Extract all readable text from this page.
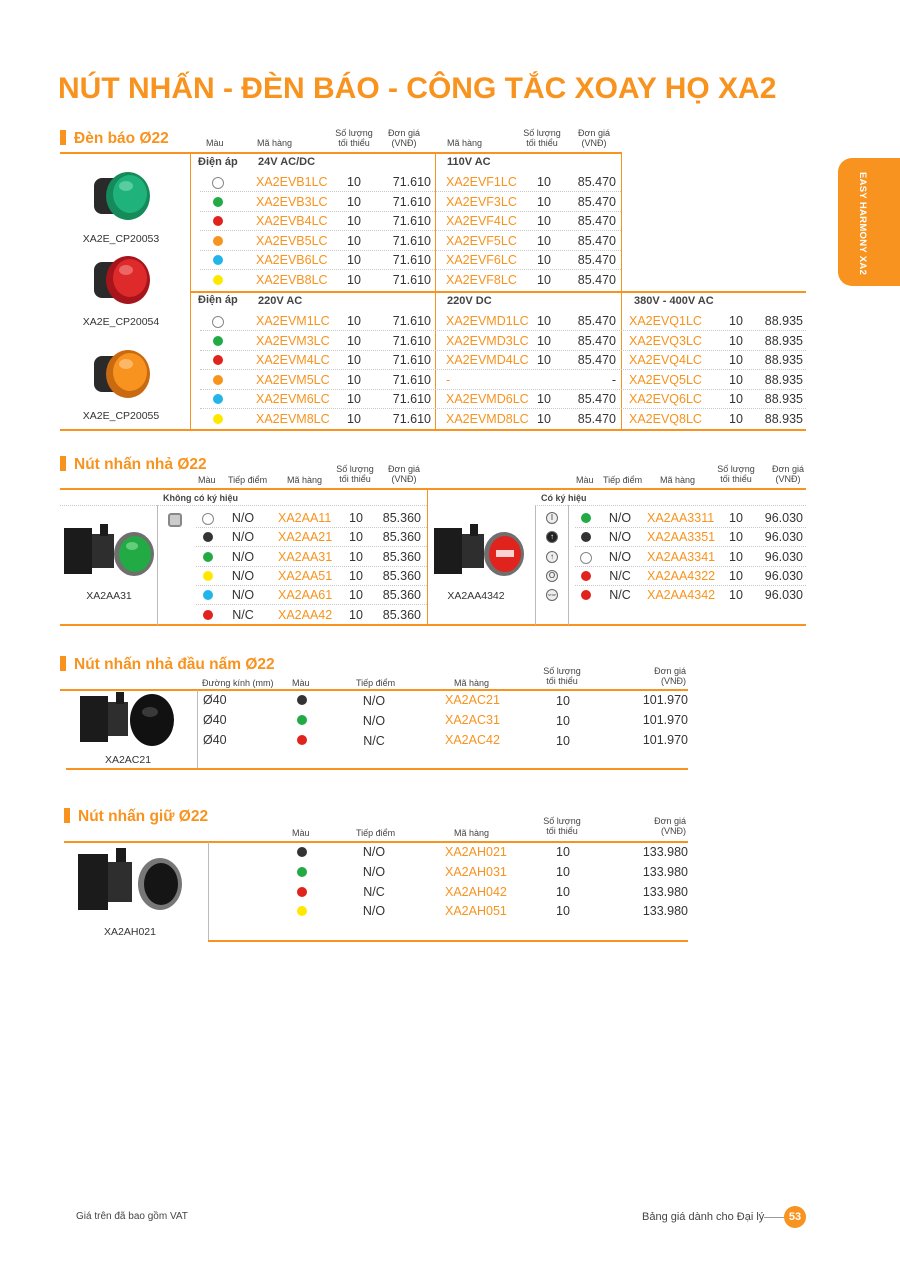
NÚT NHẤN - ĐÈN BÁO - CÔNG TẮC XOAY HỌ XA2
EASY HARMONY XA2
Đèn báo Ø22	Màu	Mã hàng
Số lượng tối thiểu
Đơn giá (VNĐ)	Mã hàng
Số lượng tối thiểu
Đơn giá (VNĐ)
Điện áp 24V AC/DC	110V AC
Điện áp 220V AC	220V DC	380V - 400V AC
XA2EVB1LC 10	71.610 XA2EVF1LC 10 85.470
XA2EVB3LC 10	71.610 XA2EVF3LC 10 85.470
XA2EVB4LC 10	71.610 XA2EVF4LC 10 85.470
XA2EVB5LC 10	71.610 XA2EVF5LC 10 85.470
XA2EVB6LC 10	71.610 XA2EVF6LC 10 85.470
XA2EVB8LC 10	71.610 XA2EVF8LC 10 85.470
XA2EVM1LC 10	71.610 XA2EVMD1LC 10 85.470 XA2EVQ1LC 10 88.935
XA2EVM3LC 10	71.610 XA2EVMD3LC 10 85.470 XA2EVQ3LC 10 88.935
XA2EVM4LC 10	71.610 XA2EVMD4LC 10 85.470 XA2EVQ4LC 10 88.935
XA2EVM5LC 10	71.610 -	- XA2EVQ5LC 10 88.935
XA2EVM6LC 10	71.610 XA2EVMD6LC 10 85.470 XA2EVQ6LC 10 88.935
XA2EVM8LC 10	71.610 XA2EVMD8LC 10 85.470 XA2EVQ8LC 10 88.935
XA2E_CP20053
XA2E_CP20054
XA2E_CP20055
Nút nhấn nhả Ø22
Màu Tiếp điểm Mã hàng
Số lượng tối thiểu
Đơn giá (VNĐ)	Màu Tiếp điểm Mã hàng
Số lượng tối thiểu
Đơn giá (VNĐ)
Không có ký hiệu	Có ký hiệu
N/O XA2AA11 10 85.360
N/O XA2AA21 10 85.360
N/O XA2AA31 10 85.360
N/O XA2AA51 10 85.360
N/O XA2AA61 10 85.360
N/C XA2AA42 10 85.360
I	N/O XA2AA3311 10 96.030
↑	N/O XA2AA3351 10 96.030
↑	N/O XA2AA3341 10 96.030
O	N/C XA2AA4322 10 96.030
STOP	N/C XA2AA4342 10 96.030
XA2AA31	XA2AA4342
Nút nhấn nhả đầu nấm Ø22
Đường kính (mm) Màu	Tiếp điểm	Mã hàng
Số lượng tối thiểu
Đơn giá (VNĐ)
Ø40	N/O	XA2AC21	10	101.970
Ø40	N/O	XA2AC31	10	101.970
Ø40	N/C	XA2AC42	10	101.970
XA2AC21
Nút nhấn giữ Ø22
Màu	Tiếp điểm	Mã hàng
Số lượng tối thiểu
Đơn giá (VNĐ)
N/O	XA2AH021	10	133.980
N/O	XA2AH031	10	133.980
N/C	XA2AH042	10	133.980
N/O	XA2AH051	10	133.980
XA2AH021
Giá trên đã bao gồm VAT	Bảng giá dành cho Đại lý	53
